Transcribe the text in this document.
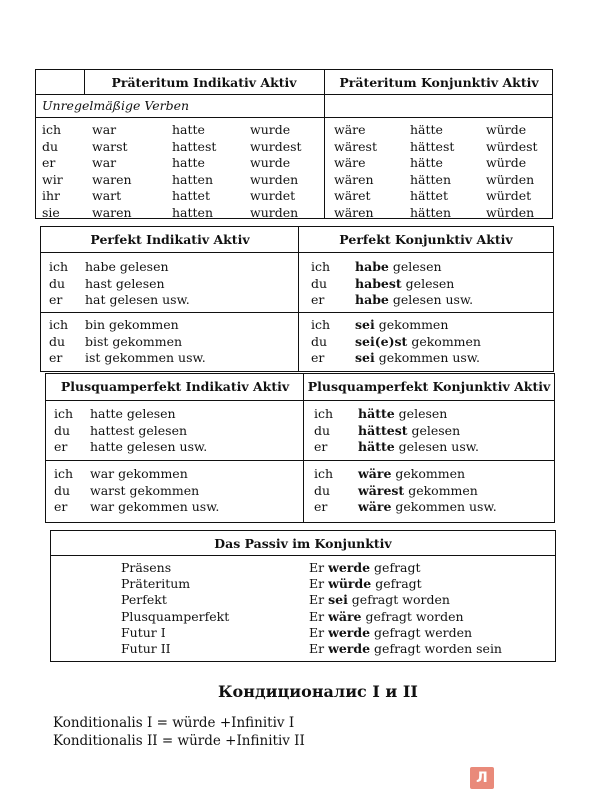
Präteritum Indikativ Aktiv	Präteritum Konjunktiv Aktiv
Unregelmäßige Verben
ich war	hatte	wurde	wäre	hätte	würde
du	warst	hattest	wurdest	wärest	hättest	würdest
er	war	hatte	wurde	wäre	hätte	würde
wir waren	hatten	wurden	wären	hätten	würden
ihr	wart	hattet	wurdet	wäret	hättet	würdet
sie	waren	hatten	wurden	wären	hätten	würden
Perfekt Indikativ Aktiv	Perfekt Konjunktiv Aktiv
ich habe gelesen	ich habe gelesen
du hast gelesen	du habest gelesen
er hat gelesen usw.	er habe gelesen usw.
ich bin gekommen	ich sei gekommen
du bist gekommen	du sei(e)st gekommen
er ist gekommen usw.	er sei gekommen usw.
Plusquamperfekt Indikativ Aktiv	Plusquamperfekt Konjunktiv Aktiv
ich hatte gelesen	ich hätte gelesen
du hattest gelesen	du hättest gelesen
er hatte gelesen usw.	er hätte gelesen usw.
ich war gekommen	ich wäre gekommen
du warst gekommen	du wärest gekommen
er war gekommen usw.	er wäre gekommen usw.
Das Passiv im Konjunktiv
Präsens	Er werde gefragt
Präteritum	Er würde gefragt
Perfekt	Er sei gefragt worden
Plusquamperfekt	Er wäre gefragt worden
Futur I	Er werde gefragt werden
Futur II	Er werde gefragt worden sein
Кондиционалис I и II
Konditionalis I = würde +Infinitiv I
Konditionalis II = würde +Infinitiv II
Л
